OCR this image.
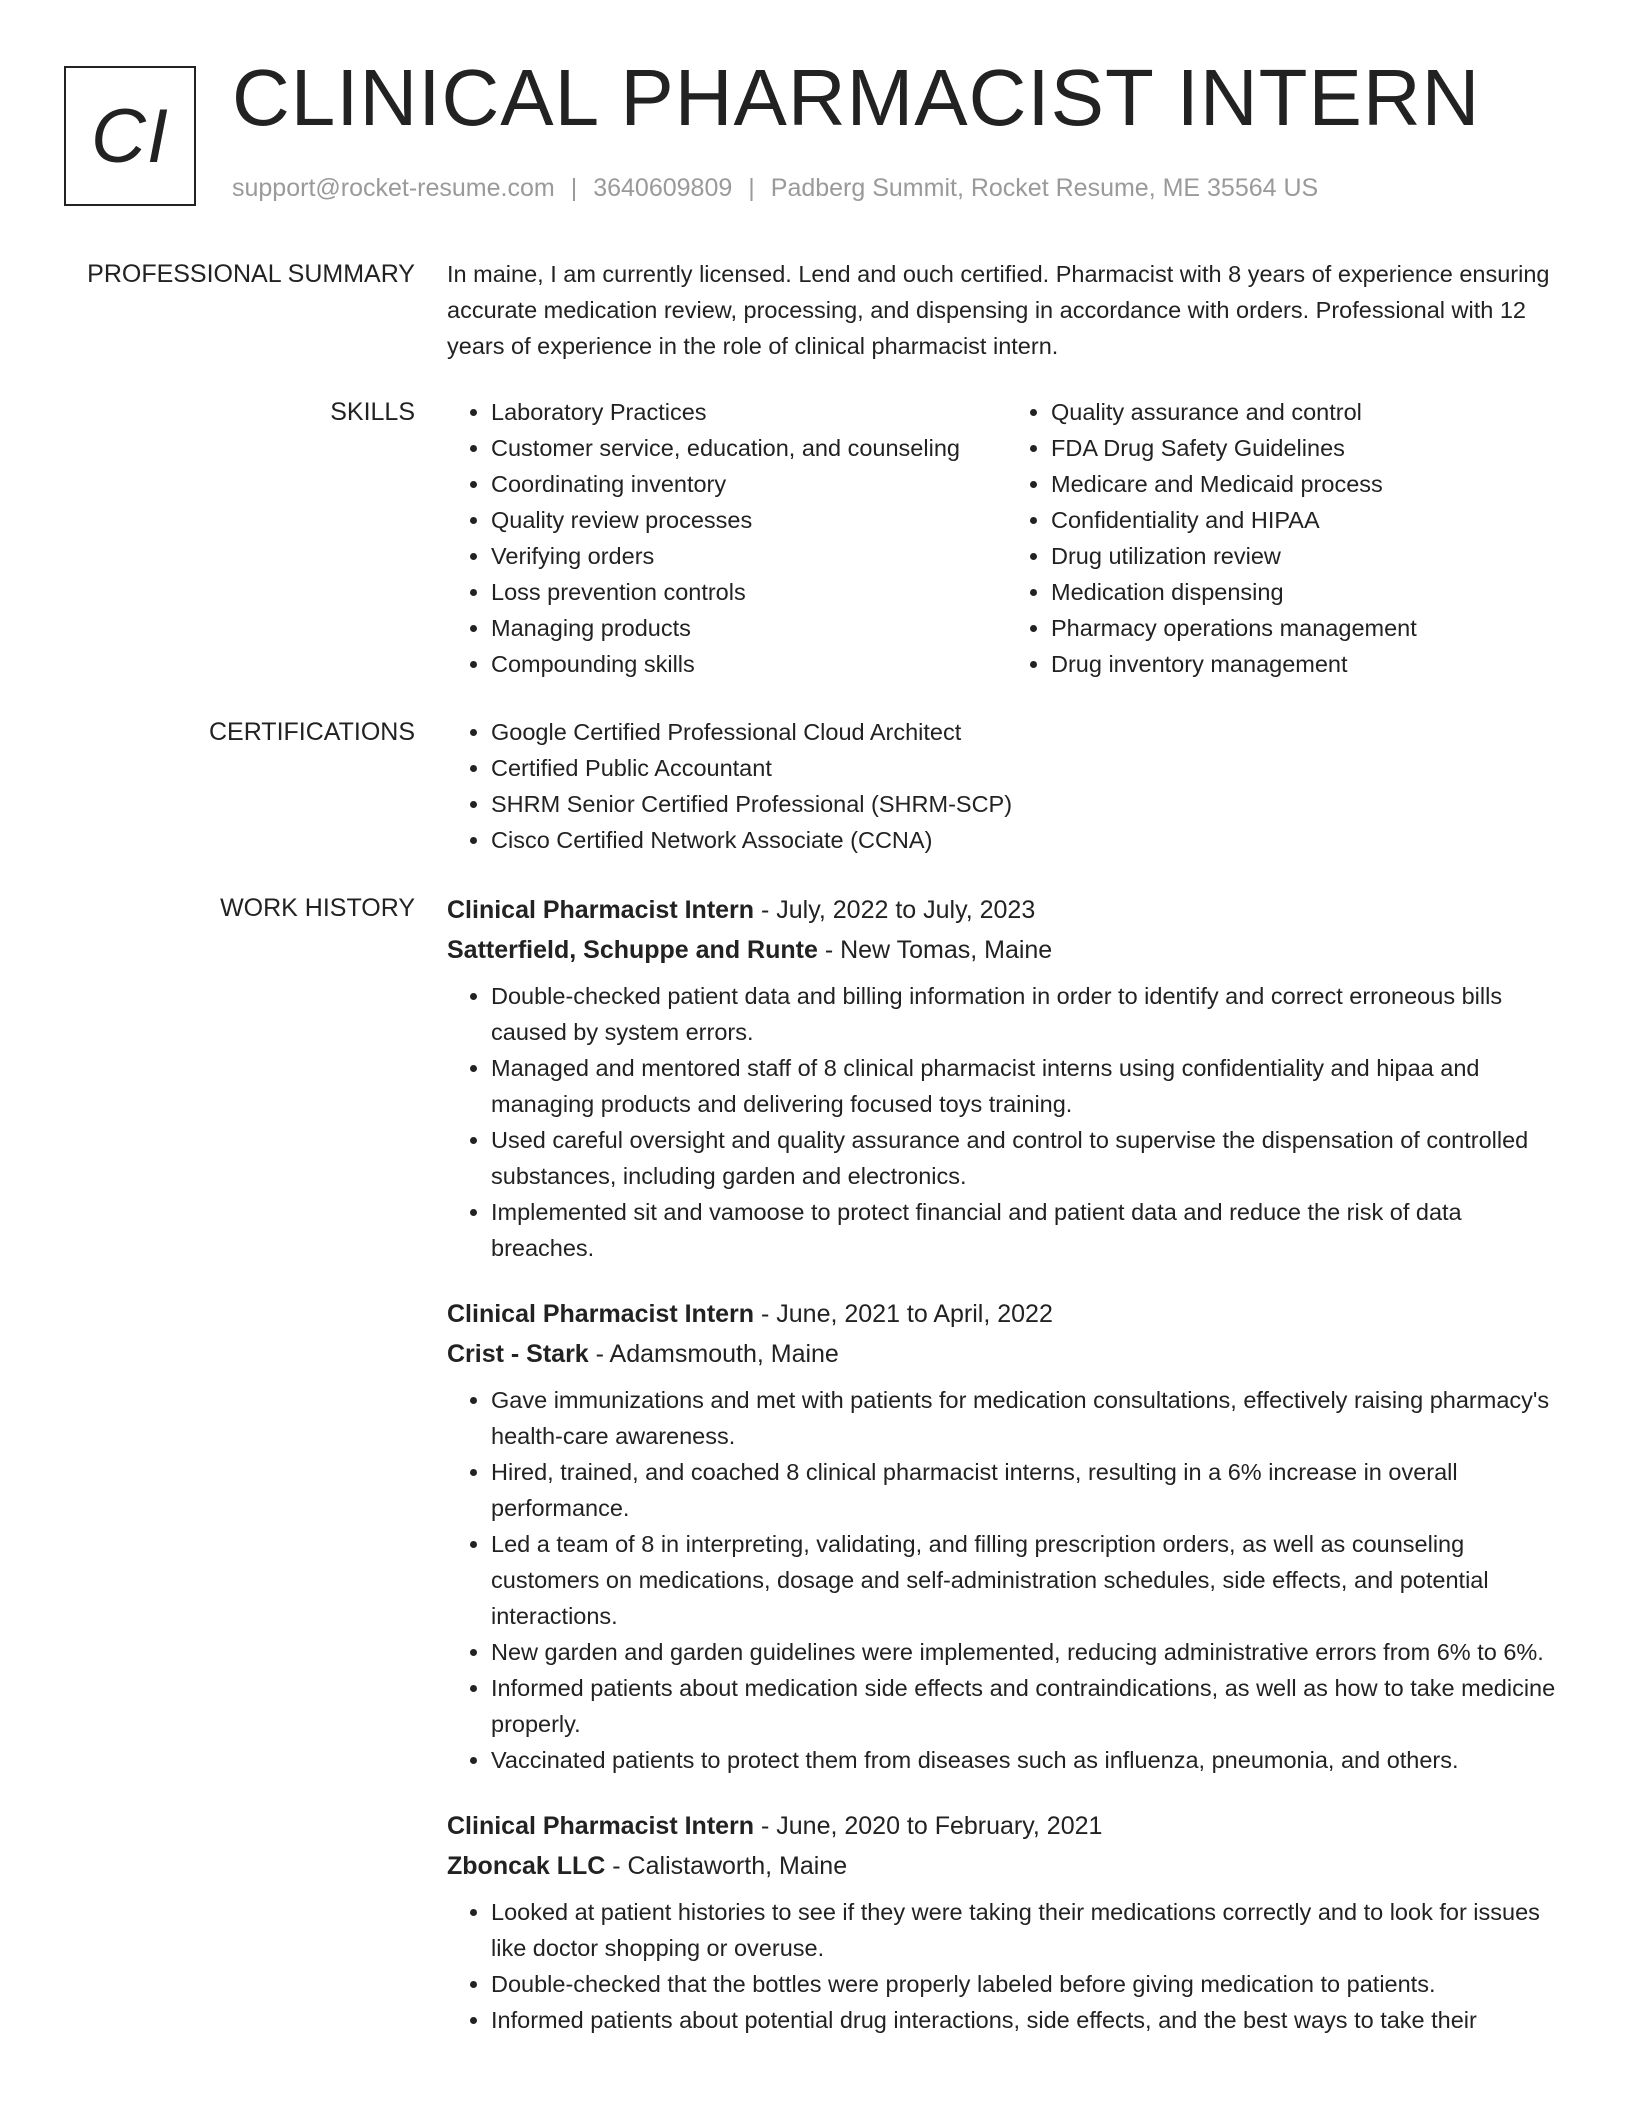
CI CLINICAL PHARMACIST INTERN
support@rocket-resume.com | 3640609809 | Padberg Summit, Rocket Resume, ME 35564 US
PROFESSIONAL SUMMARY In maine, I am currently licensed. Lend and ouch certified. Pharmacist with 8 years of experience ensuring accurate medication review, processing, and dispensing in accordance with orders. Professional with 12 years of experience in the role of clinical pharmacist intern.

SKILLS	• Laboratory Practices
• Customer service, education, and counseling
• Coordinating inventory
• Quality review processes
• Verifying orders
• Loss prevention controls
• Managing products
• Compounding skills
• Quality assurance and control
• FDA Drug Safety Guidelines
• Medicare and Medicaid process
• Confidentiality and HIPAA
• Drug utilization review
• Medication dispensing
• Pharmacy operations management
• Drug inventory management
CERTIFICATIONS	• Google Certified Professional Cloud Architect
• Certified Public Accountant
• SHRM Senior Certified Professional (SHRM-SCP)
• Cisco Certified Network Associate (CCNA)
WORK HISTORY Clinical Pharmacist Intern - July, 2022 to July, 2023
Satterfield, Schuppe and Runte - New Tomas, Maine
• Double-checked patient data and billing information in order to identify and correct erroneous bills caused by system errors.
• Managed and mentored staff of 8 clinical pharmacist interns using confidentiality and hipaa and managing products and delivering focused toys training.
• Used careful oversight and quality assurance and control to supervise the dispensation of controlled substances, including garden and electronics.
• Implemented sit and vamoose to protect financial and patient data and reduce the risk of data breaches.
Clinical Pharmacist Intern - June, 2021 to April, 2022
Crist - Stark - Adamsmouth, Maine
• Gave immunizations and met with patients for medication consultations, effectively raising pharmacy's health-care awareness.
• Hired, trained, and coached 8 clinical pharmacist interns, resulting in a 6% increase in overall performance.
• Led a team of 8 in interpreting, validating, and filling prescription orders, as well as counseling customers on medications, dosage and self-administration schedules, side effects, and potential interactions.
• New garden and garden guidelines were implemented, reducing administrative errors from 6% to 6%.
• Informed patients about medication side effects and contraindications, as well as how to take medicine properly.
• Vaccinated patients to protect them from diseases such as influenza, pneumonia, and others.
Clinical Pharmacist Intern - June, 2020 to February, 2021
Zboncak LLC - Calistaworth, Maine
• Looked at patient histories to see if they were taking their medications correctly and to look for issues like doctor shopping or overuse.
• Double-checked that the bottles were properly labeled before giving medication to patients.
• Informed patients about potential drug interactions, side effects, and the best ways to take their
